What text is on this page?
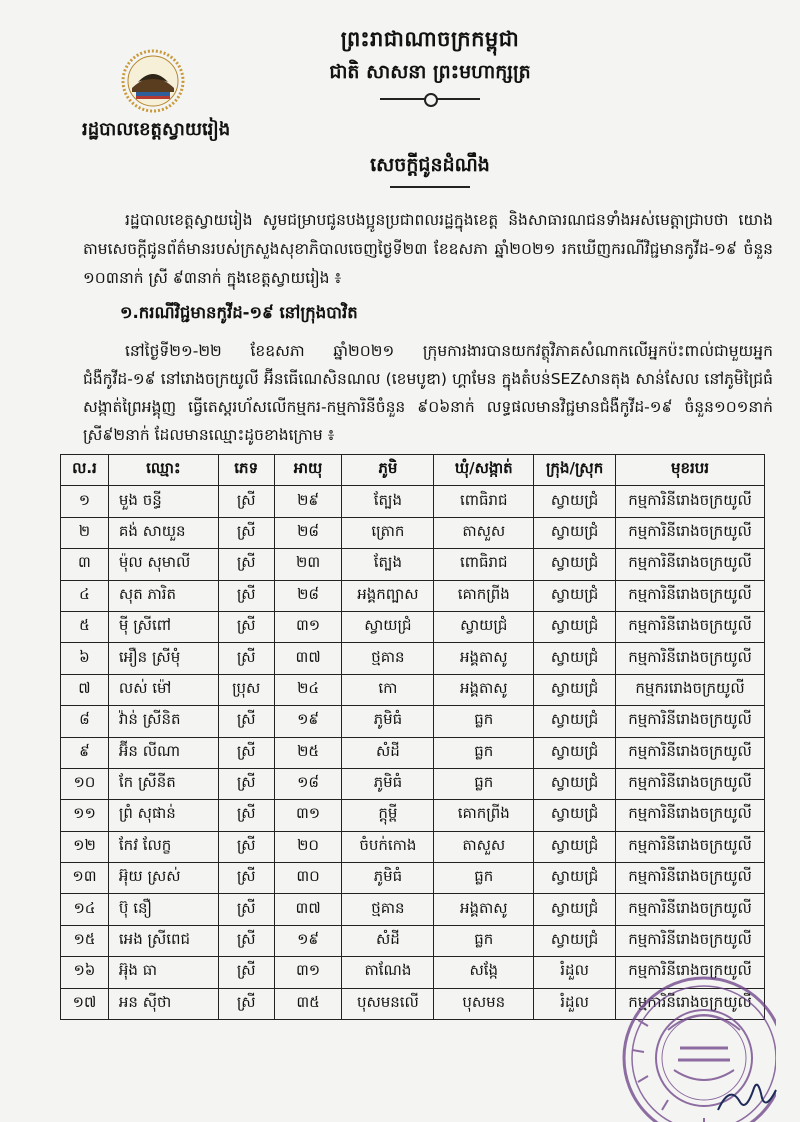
ព្រះរាជាណាចក្រកម្ពុជា
ជាតិ សាសនា ព្រះមហាក្សត្រ
រដ្ឋបាលខេត្តស្វាយរៀង
សេចក្ដីជូនដំណឹង

រដ្ឋបាលខេត្តស្វាយរៀង សូមជម្រាបជូនបងប្អូនប្រជាពលរដ្ឋក្នុងខេត្ត និងសាធារណជនទាំងអស់មេត្តាជ្រាបថា យោងតាមសេចក្ដីជូនព័ត៌មានរបស់ក្រសួងសុខាភិបាលចេញថ្ងៃទី២៣ ខែឧសភា ឆ្នាំ២០២១ រកឃើញករណីវិជ្ជមានកូវីដ-១៩ ចំនួន ១០៣នាក់ ស្រី ៩៣នាក់ ក្នុងខេត្តស្វាយរៀង ៖

១.ករណីវិជ្ជមានកូវីដ-១៩ នៅក្រុងបាវិត

នៅថ្ងៃទី២១-២២ ខែឧសភា ឆ្នាំ២០២១ ក្រុមការងារបានយកវត្ថុវិភាគសំណាកលើអ្នកប៉ះពាល់ជាមួយអ្នកជំងឺកូវីដ-១៩ នៅរោងចក្រយូលី អ៊ីនធើណេសិនណល (ខេមបូឌា) ហ្គាមែន ក្នុងតំបន់SEZសានតុង សាន់សែល នៅភូមិជ្រៃធំ សង្កាត់ព្រៃអង្គុញ ធ្វើតេស្តរហ័សលើកម្មករ-កម្មការិនីចំនួន ៩០៦នាក់ លទ្ធផលមានវិជ្ជមានជំងឺកូវីដ-១៩ ចំនួន១០១នាក់ ស្រី៩២នាក់ ដែលមានឈ្មោះដូចខាងក្រោម ៖

ល.រ	ឈ្មោះ	ភេទ	អាយុ	ភូមិ	ឃុំ/សង្កាត់	ក្រុង/ស្រុក	មុខរបរ
១	មួង ចន្ធី	ស្រី	២៩	ត្បែង	ពោធិរាជ	ស្វាយជ្រំ	កម្មការិនីរោងចក្រយូលី
២	គង់ សាយួន	ស្រី	២៨	ត្រោក	តាសួស	ស្វាយជ្រំ	កម្មការិនីរោងចក្រយូលី
៣	ម៉ុល សុមាលី	ស្រី	២៣	ត្បែង	ពោធិរាជ	ស្វាយជ្រំ	កម្មការិនីរោងចក្រយូលី
៤	សុត ភារិត	ស្រី	២៨	អង្គកព្បាស	គោកព្រីង	ស្វាយជ្រំ	កម្មការិនីរោងចក្រយូលី
៥	ម៉ី ស្រីពៅ	ស្រី	៣១	ស្វាយជ្រំ	ស្វាយជ្រំ	ស្វាយជ្រំ	កម្មការិនីរោងចក្រយូលី
៦	អឿន ស្រីមុំ	ស្រី	៣៧	ថ្មគាន	អង្គតាសូ	ស្វាយជ្រំ	កម្មការិនីរោងចក្រយូលី
៧	លស់ ម៉ៅ	ប្រុស	២៤	កោ	អង្គតាសូ	ស្វាយជ្រំ	កម្មកររោងចក្រយូលី
៨	វ៉ាន់ ស្រីនិត	ស្រី	១៩	ភូមិធំ	ធ្លក	ស្វាយជ្រំ	កម្មការិនីរោងចក្រយូលី
៩	អ៊ីន លីណា	ស្រី	២៥	សំដី	ធ្លក	ស្វាយជ្រំ	កម្មការិនីរោងចក្រយូលី
១០	កែ ស្រីនីត	ស្រី	១៨	ភូមិធំ	ធ្លក	ស្វាយជ្រំ	កម្មការិនីរោងចក្រយូលី
១១	ព្រំ សុផាន់	ស្រី	៣១	ក្ដុម្ពី	គោកព្រីង	ស្វាយជ្រំ	កម្មការិនីរោងចក្រយូលី
១២	កែវ លែក្ខ	ស្រី	២០	ចំបក់កោង	តាសួស	ស្វាយជ្រំ	កម្មការិនីរោងចក្រយូលី
១៣	អ៊ុយ ស្រស់	ស្រី	៣០	ភូមិធំ	ធ្លក	ស្វាយជ្រំ	កម្មការិនីរោងចក្រយូលី
១៤	ប៊ុ នឿ	ស្រី	៣៧	ថ្មគាន	អង្គតាសូ	ស្វាយជ្រំ	កម្មការិនីរោងចក្រយូលី
១៥	អេង ស្រីពេជ	ស្រី	១៩	សំដី	ធ្លក	ស្វាយជ្រំ	កម្មការិនីរោងចក្រយូលី
១៦	អ៊ុង ធា	ស្រី	៣១	តាណែង	សង្កែ	រំដួល	កម្មការិនីរោងចក្រយូលី
១៧	អន ស៊ីថា	ស្រី	៣៥	បុសមនលើ	បុសមន	រំដួល	កម្មការិនីរោងចក្រយូលី
